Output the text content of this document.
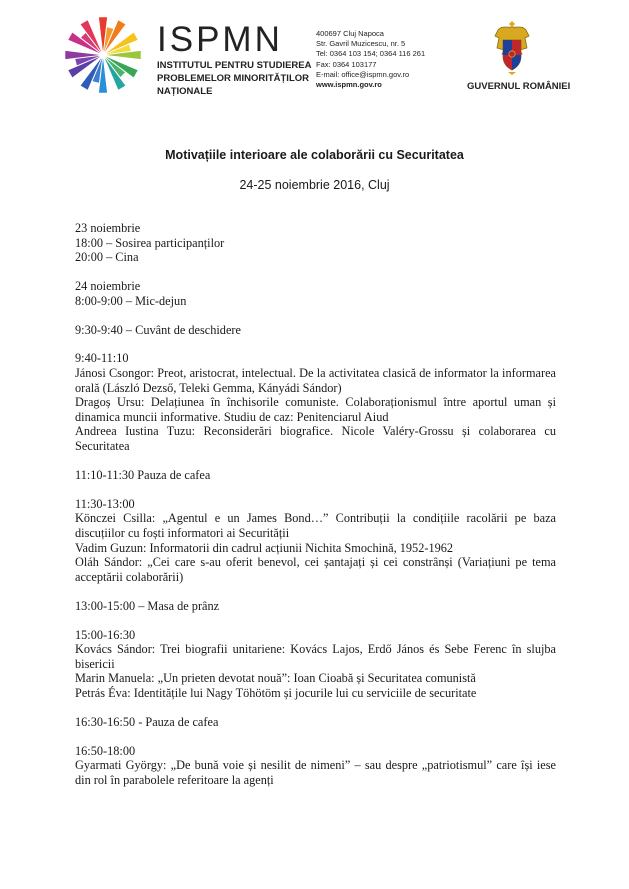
ISPMN
INSTITUTUL PENTRU STUDIEREA
PROBLEMELOR MINORITĂȚILOR
NAȚIONALE
400697 Cluj Napoca
Str. Gavril Muzicescu, nr. 5
Tel: 0364 103 154; 0364 116 261
Fax: 0364 103177
E-mail: office@ispmn.gov.ro
www.ispmn.gov.ro	GUVERNUL ROMÂNIEI
Motivațiile interioare ale colaborării cu Securitatea
24-25 noiembrie 2016, Cluj

23 noiembrie

18:00 – Sosirea participanților

20:00 – Cina

24 noiembrie

8:00-9:00 – Mic-dejun

9:30-9:40 – Cuvânt de deschidere

9:40-11:10

Jánosi Csongor: Preot, aristocrat, intelectual. De la activitatea clasică de informator la informarea orală (László Dezső, Teleki Gemma, Kányádi Sándor)

Dragoș Ursu: Delațiunea în închisorile comuniste. Colaboraționismul între aportul uman și dinamica muncii informative. Studiu de caz: Penitenciarul Aiud

Andreea Iustina Tuzu: Reconsiderări biografice. Nicole Valéry-Grossu și colaborarea cu Securitatea

11:10-11:30 Pauza de cafea

11:30-13:00

Könczei Csilla: „Agentul e un James Bond…” Contribuții la condițiile racolării pe baza discuțiilor cu foști informatori ai Securității

Vadim Guzun: Informatorii din cadrul acțiunii Nichita Smochină, 1952-1962

Oláh Sándor: „Cei care s-au oferit benevol, cei șantajați și cei constrânși (Variațiuni pe tema acceptării colaborării)

13:00-15:00 – Masa de prânz

15:00-16:30

Kovács Sándor: Trei biografii unitariene: Kovács Lajos, Erdő János és Sebe Ferenc în slujba bisericii

Marin Manuela: „Un prieten devotat nouă”: Ioan Cioabă și Securitatea comunistă

Petrás Éva: Identitățile lui Nagy Töhötöm și jocurile lui cu serviciile de securitate

16:30-16:50 - Pauza de cafea

16:50-18:00

Gyarmati György: „De bună voie și nesilit de nimeni” – sau despre „patriotismul” care își iese din rol în parabolele referitoare la agenți
